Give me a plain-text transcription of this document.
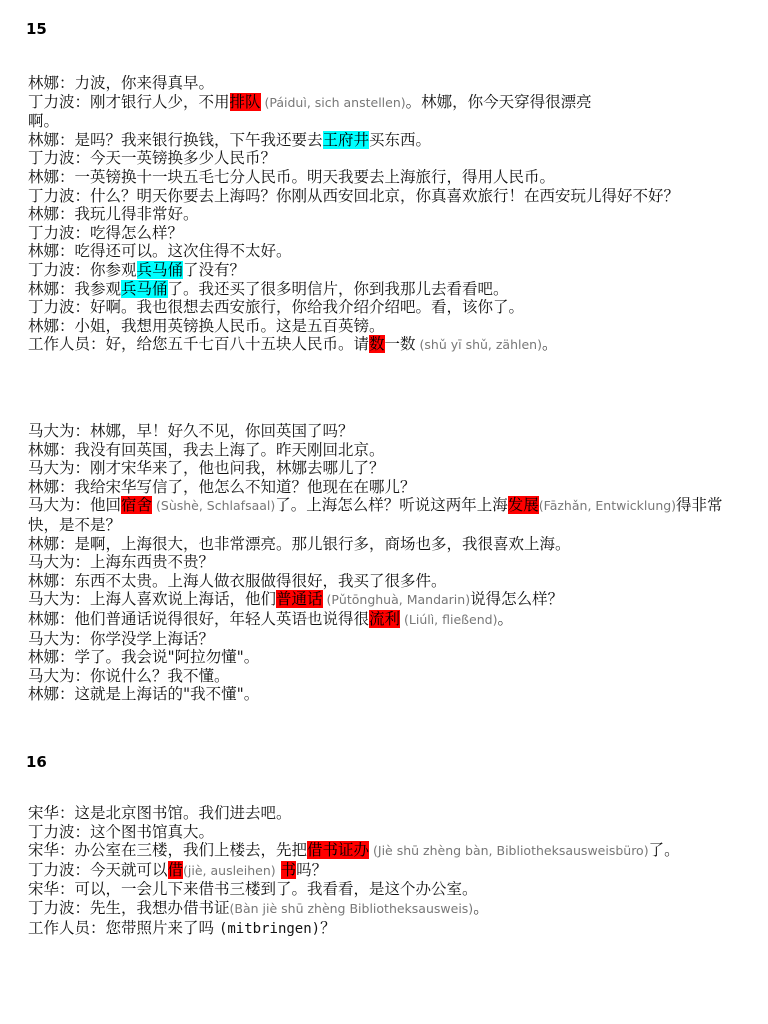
15
林娜：力波，你来得真早。
丁力波：刚才银行人少，不用排队 (Páiduì, sich anstellen)。林娜，你今天穿得很漂亮
啊。
林娜：是吗？我来银行换钱，下午我还要去王府井买东西。
丁力波：今天一英镑换多少人民币？
林娜：一英镑换十一块五毛七分人民币。明天我要去上海旅行，得用人民币。
丁力波：什么？明天你要去上海吗？你刚从西安回北京，你真喜欢旅行！在西安玩儿得好不好？
林娜：我玩儿得非常好。
丁力波：吃得怎么样？
林娜：吃得还可以。这次住得不太好。
丁力波：你参观兵马俑了没有？
林娜：我参观兵马俑了。我还买了很多明信片，你到我那儿去看看吧。
丁力波：好啊。我也很想去西安旅行，你给我介绍介绍吧。看，该你了。
林娜：小姐，我想用英镑换人民币。这是五百英镑。
工作人员：好，给您五千七百八十五块人民币。请数一数 (shǔ yī shǔ, zählen)。
马大为：林娜，早！好久不见，你回英国了吗？
林娜：我没有回英国，我去上海了。昨天刚回北京。
马大为：刚才宋华来了，他也问我，林娜去哪儿了？
林娜：我给宋华写信了，他怎么不知道？他现在在哪儿？
马大为：他回宿舍 (Sùshè, Schlafsaal)了。上海怎么样？听说这两年上海发展(Fāzhǎn, Entwicklung)得非常快，是不是？
林娜：是啊，上海很大，也非常漂亮。那儿银行多，商场也多，我很喜欢上海。
马大为：上海东西贵不贵？
林娜：东西不太贵。上海人做衣服做得很好，我买了很多件。
马大为：上海人喜欢说上海话，他们普通话 (Pǔtōnghuà, Mandarin)说得怎么样？
林娜：他们普通话说得很好，年轻人英语也说得很流利 (Liúlì, fließend)。
马大为：你学没学上海话？
林娜：学了。我会说"阿拉勿懂"。
马大为：你说什么？我不懂。
林娜：这就是上海话的"我不懂"。
16
宋华：这是北京图书馆。我们进去吧。
丁力波：这个图书馆真大。
宋华：办公室在三楼，我们上楼去，先把借书证办 (Jiè shū zhèng bàn, Bibliotheksausweisbüro)了。
丁力波：今天就可以借(jiè, ausleihen) 书吗？
宋华：可以，一会儿下来借书三楼到了。我看看，是这个办公室。
丁力波：先生，我想办借书证(Bàn jiè shū zhèng Bibliotheksausweis)。
工作人员：您带照片来了吗 (mitbringen)？
